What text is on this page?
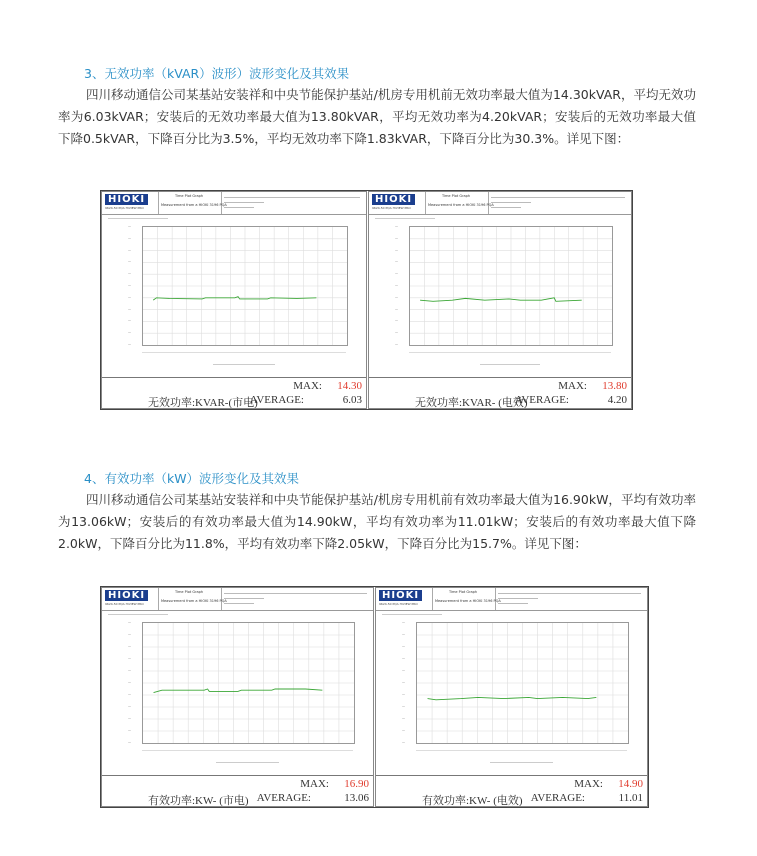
3、无效功率（kVAR）波形）波形变化及其效果
四川移动通信公司某基站安装祥和中央节能保护基站/机房专用机前无效功率最大值为14.30kVAR，平均无效功率为6.03kVAR；安装后的无效功率最大值为13.80kVAR，平均无效功率为4.20kVAR；安装后的无效功率最大值下降0.5kVAR，下降百分比为3.5%，平均无效功率下降1.83kVAR，下降百分比为30.3%。详见下图：
HIOKI
9624-50 PQA HiVIEW PRO
Time Plot Graph
Measurement from a HIOKI 3196 PQA
—
—
—
—
—
—
—
—
—
—
—
MAX: 14.30
无效功率:KVAR-(市电)
AVERAGE:	6.03
HIOKI
9624-50 PQA HiVIEW PRO
Time Plot Graph
Measurement from a HIOKI 3196 PQA
—
—
—
—
—
—
—
—
—
—
—
MAX: 13.80
无效功率:KVAR- (电效)
AVERAGE:	4.20
4、有效功率（kW）波形变化及其效果
四川移动通信公司某基站安装祥和中央节能保护基站/机房专用机前有效功率最大值为16.90kW，平均有效功率为13.06kW；安装后的有效功率最大值为14.90kW，平均有效功率为11.01kW；安装后的有效功率最大值下降2.0kW，下降百分比为11.8%，平均有效功率下降2.05kW，下降百分比为15.7%。详见下图：
HIOKI
9624-50 PQA HiVIEW PRO
Time Plot Graph
Measurement from a HIOKI 3196 PQA
—
—
—
—
—
—
—
—
—
—
—
MAX: 16.90
有效功率:KW- (市电) AVERAGE:	13.06
HIOKI
9624-50 PQA HiVIEW PRO
Time Plot Graph
Measurement from a HIOKI 3196 PQA
—
—
—
—
—
—
—
—
—
—
—
MAX: 14.90
有效功率:KW- (电效) AVERAGE:	11.01
